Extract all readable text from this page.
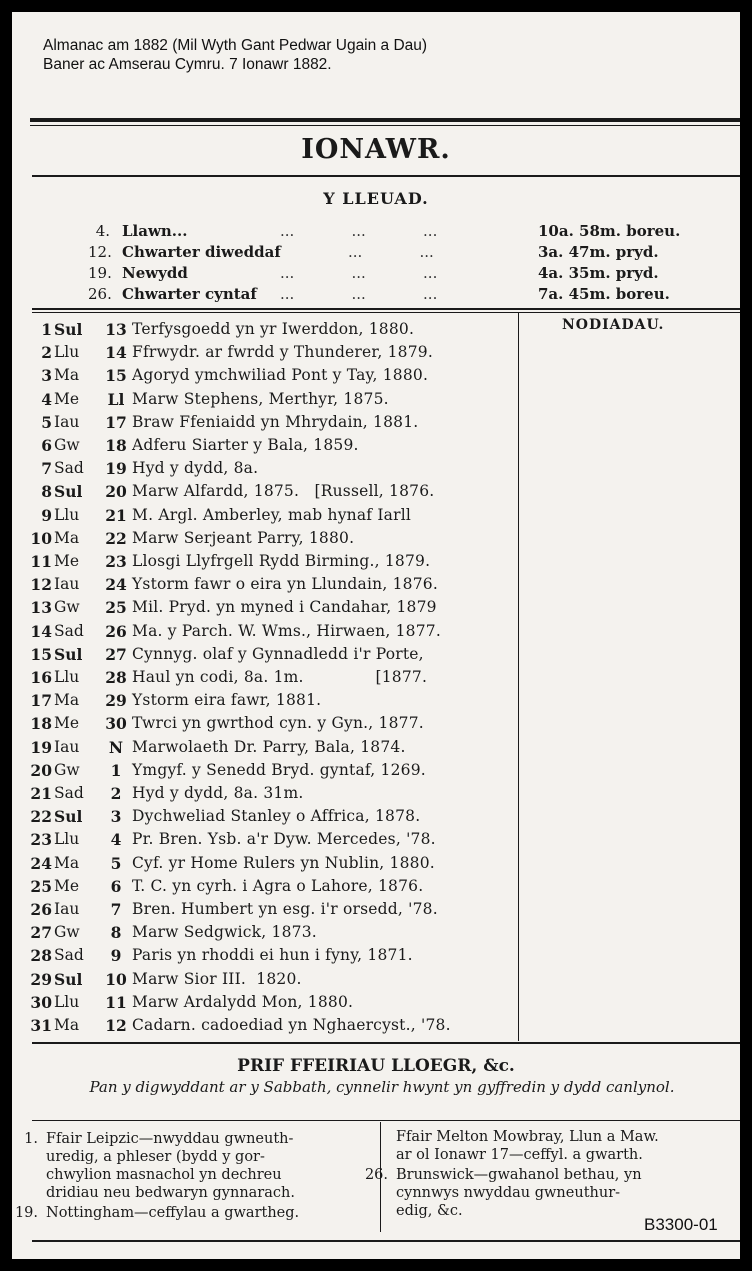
Almanac am 1882 (Mil Wyth Gant Pedwar Ugain a Dau)
Baner ac Amserau Cymru. 7 Ionawr 1882.
IONAWR.
Y LLEUAD.
4. Llawn...	...            ...            ...	10a. 58m. boreu.
12. Chwarter diweddaf	...            ...	3a. 47m. pryd.
19. Newydd	...            ...            ...	4a. 35m. pryd.
26. Chwarter cyntaf ...            ...            ...	7a. 45m. boreu.
NODIADAU.
1 Sul	13 Terfysgoedd yn yr Iwerddon, 1880.
2 Llu	14 Ffrwydr. ar fwrdd y Thunderer, 1879.
3 Ma	15 Agoryd ymchwiliad Pont y Tay, 1880.
4 Me	Ll Marw Stephens, Merthyr, 1875.
5 Iau	17 Braw Ffeniaidd yn Mhrydain, 1881.
6 Gw	18 Adferu Siarter y Bala, 1859.
7 Sad	19 Hyd y dydd, 8a.
8 Sul	20 Marw Alfardd, 1875.   [Russell, 1876.
9 Llu	21 M. Argl. Amberley, mab hynaf Iarll
10 Ma	22 Marw Serjeant Parry, 1880.
11 Me	23 Llosgi Llyfrgell Rydd Birming., 1879.
12 Iau	24 Ystorm fawr o eira yn Llundain, 1876.
13 Gw	25 Mil. Pryd. yn myned i Candahar, 1879
14 Sad	26 Ma. y Parch. W. Wms., Hirwaen, 1877.
15 Sul	27 Cynnyg. olaf y Gynnadledd i'r Porte,
16 Llu	28 Haul yn codi, 8a. 1m.              [1877.
17 Ma	29 Ystorm eira fawr, 1881.
18 Me	30 Twrci yn gwrthod cyn. y Gyn., 1877.
19 Iau	N Marwolaeth Dr. Parry, Bala, 1874.
20 Gw	1 Ymgyf. y Senedd Bryd. gyntaf, 1269.
21 Sad	2 Hyd y dydd, 8a. 31m.
22 Sul	3 Dychweliad Stanley o Affrica, 1878.
23 Llu	4 Pr. Bren. Ysb. a'r Dyw. Mercedes, '78.
24 Ma	5 Cyf. yr Home Rulers yn Nublin, 1880.
25 Me	6 T. C. yn cyrh. i Agra o Lahore, 1876.
26 Iau	7 Bren. Humbert yn esg. i'r orsedd, '78.
27 Gw	8 Marw Sedgwick, 1873.
28 Sad	9 Paris yn rhoddi ei hun i fyny, 1871.
29 Sul	10 Marw Sior III.  1820.
30 Llu	11 Marw Ardalydd Mon, 1880.
31 Ma	12 Cadarn. cadoediad yn Nghaercyst., '78.
PRIF FFEIRIAU LLOEGR, &c.
Pan y digwyddant ar y Sabbath, cynnelir hwynt yn gyffredin y dydd canlynol.
1. Ffair Leipzic—nwyddau gwneuth-
uredig, a phleser (bydd y gor-
chwylion masnachol yn dechreu
dridiau neu bedwaryn gynnarach.
19. Nottingham—ceffylau a gwartheg.
Ffair Melton Mowbray, Llun a Maw.
ar ol Ionawr 17—ceffyl. a gwarth.
26. Brunswick—gwahanol bethau, yn
cynnwys nwyddau gwneuthur-
edig, &c.
B3300-01
